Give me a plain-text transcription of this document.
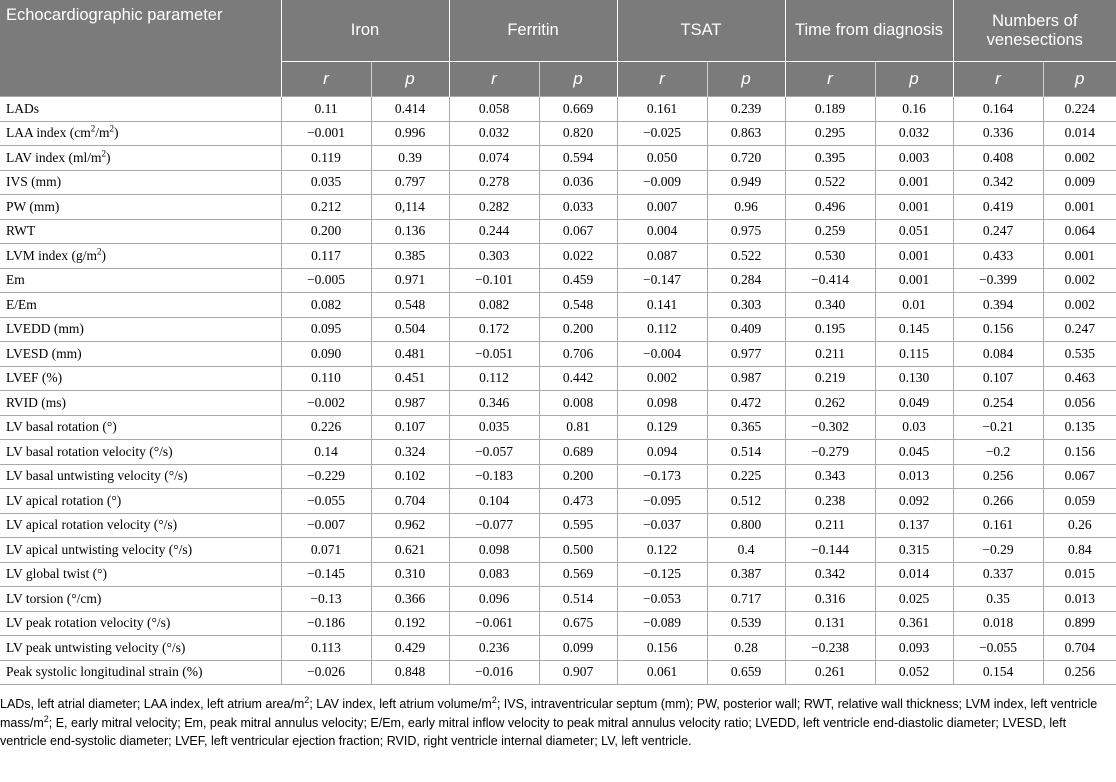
Echocardiographic parameter	Iron		Ferritin		TSAT		Time from diagnosis		Numbers of venesections	
	r	p	r	p	r	p	r	p	r	p
LADs	0.11	0.414	0.058	0.669	0.161	0.239	0.189	0.16	0.164	0.224
LAA index $(cm^2/m^2)$	−0.001	0.996	0.032	0.820	−0.025	0.863	0.295	0.032	0.336	0.014
LAV index $(ml/m^2)$	0.119	0.39	0.074	0.594	0.050	0.720	0.395	0.003	0.408	0.002
IVS (mm)	0.035	0.797	0.278	0.036	−0.009	0.949	0.522	0.001	0.342	0.009
PW (mm)	0.212	0,114	0.282	0.033	0.007	0.96	0.496	0.001	0.419	0.001
RWT	0.200	0.136	0.244	0.067	0.004	0.975	0.259	0.051	0.247	0.064
LVM index $(g/m^2)$	0.117	0.385	0.303	0.022	0.087	0.522	0.530	0.001	0.433	0.001
Em	−0.005	0.971	−0.101	0.459	−0.147	0.284	−0.414	0.001	−0.399	0.002
E/Em	0.082	0.548	0.082	0.548	0.141	0.303	0.340	0.01	0.394	0.002
LVEDD (mm)	0.095	0.504	0.172	0.200	0.112	0.409	0.195	0.145	0.156	0.247
LVESD (mm)	0.090	0.481	−0.051	0.706	−0.004	0.977	0.211	0.115	0.084	0.535
LVEF (%)	0.110	0.451	0.112	0.442	0.002	0.987	0.219	0.130	0.107	0.463
RVID (ms)	−0.002	0.987	0.346	0.008	0.098	0.472	0.262	0.049	0.254	0.056
LV basal rotation (°)	0.226	0.107	0.035	0.81	0.129	0.365	−0.302	0.03	−0.21	0.135
LV basal rotation velocity (°/s)	0.14	0.324	−0.057	0.689	0.094	0.514	−0.279	0.045	−0.2	0.156
LV basal untwisting velocity (°/s)	−0.229	0.102	−0.183	0.200	−0.173	0.225	0.343	0.013	0.256	0.067
LV apical rotation (°)	−0.055	0.704	0.104	0.473	−0.095	0.512	0.238	0.092	0.266	0.059
LV apical rotation velocity (°/s)	−0.007	0.962	−0.077	0.595	−0.037	0.800	0.211	0.137	0.161	0.26
LV apical untwisting velocity (°/s)	0.071	0.621	0.098	0.500	0.122	0.4	−0.144	0.315	−0.29	0.84
LV global twist (°)	−0.145	0.310	0.083	0.569	−0.125	0.387	0.342	0.014	0.337	0.015
LV torsion (°/cm)	−0.13	0.366	0.096	0.514	−0.053	0.717	0.316	0.025	0.35	0.013
LV peak rotation velocity (°/s)	−0.186	0.192	−0.061	0.675	−0.089	0.539	0.131	0.361	0.018	0.899
LV peak untwisting velocity (°/s)	0.113	0.429	0.236	0.099	0.156	0.28	−0.238	0.093	−0.055	0.704
Peak systolic longitudinal strain (%)	−0.026	0.848	−0.016	0.907	0.061	0.659	0.261	0.052	0.154	0.256

LADs, left atrial diameter; LAA index, left atrium area/$m^2$; LAV index, left atrium volume/$m^2$; IVS, intraventricular septum (mm); PW, posterior wall; RWT, relative wall thickness; LVM index, left ventricle mass/$m^2$; E, early mitral velocity; Em, peak mitral annulus velocity; E/Em, early mitral inflow velocity to peak mitral annulus velocity ratio; LVEDD, left ventricle end-diastolic diameter; LVESD, left ventricle end-systolic diameter; LVEF, left ventricular ejection fraction; RVID, right ventricle internal diameter; LV, left ventricle.
